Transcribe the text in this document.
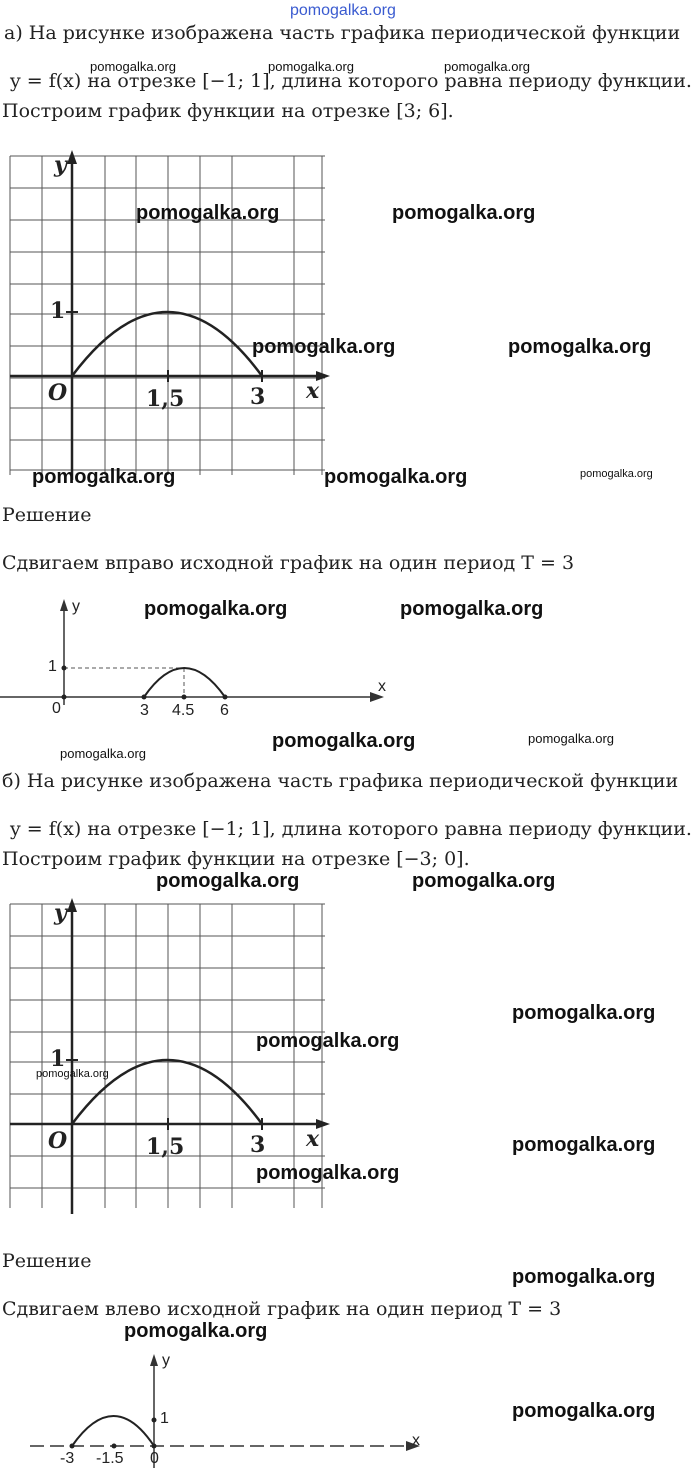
pomogalka.org
а) На рисунке изображена часть графика периодической функции
y = f(x) на отрезке [−1; 1], длина которого равна периоду функции.
Построим график функции на отрезке [3; 6].
pomogalka.org	pomogalka.org	pomogalka.org
y
x
O
1
1,5	3
pomogalka.org	pomogalka.org
pomogalka.org	pomogalka.org
pomogalka.org	pomogalka.org	pomogalka.org
Решение
Сдвигаем вправо исходной график на один период T = 3
y
x
1
0	3 4.5 6
pomogalka.org	pomogalka.org
pomogalka.org
pomogalka.org
pomogalka.org
б) На рисунке изображена часть графика периодической функции
y = f(x) на отрезке [−1; 1], длина которого равна периоду функции.
Построим график функции на отрезке [−3; 0].
pomogalka.org	pomogalka.org
y
x
O
1
1,5	3
pomogalka.org
pomogalka.org
pomogalka.org
pomogalka.org
pomogalka.org
Решение
pomogalka.org
Сдвигаем влево исходной график на один период T = 3
pomogalka.org
y
x
1
0
-3 -1.5
pomogalka.org
